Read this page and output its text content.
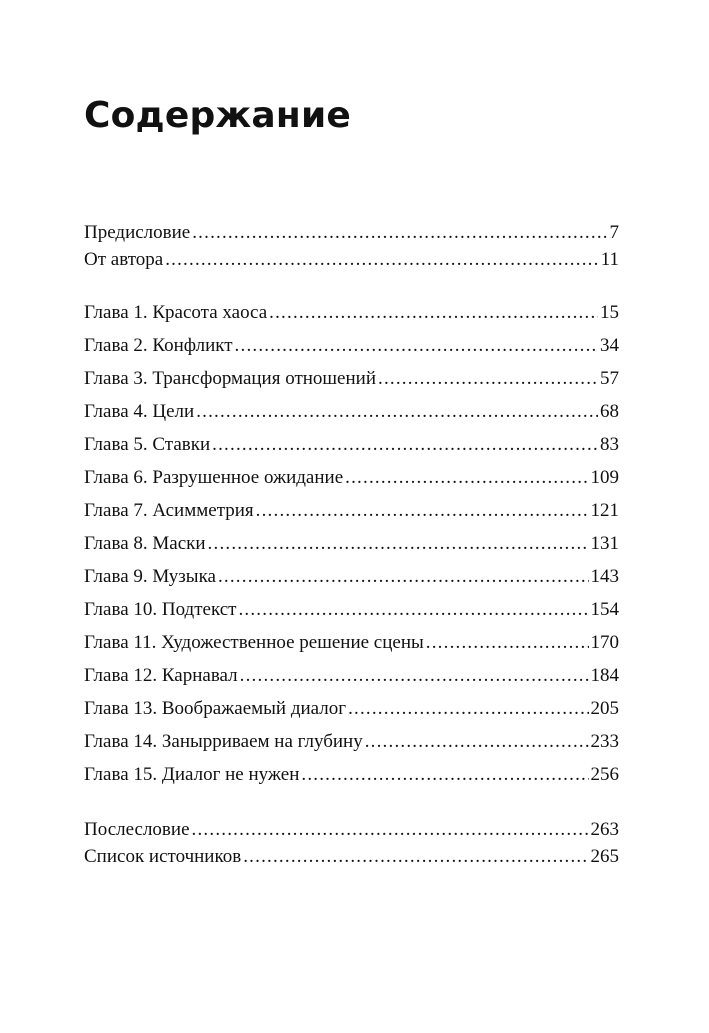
Содержание
Предисловие .....	7
От автора .....	11
Глава 1. Красота хаоса .....	15
Глава 2. Конфликт .....	34
Глава 3. Трансформация отношений .....	57
Глава 4. Цели .....	68
Глава 5. Ставки .....	83
Глава 6. Разрушенное ожидание .....	109
Глава 7. Асимметрия .....	121
Глава 8. Маски .....	131
Глава 9. Музыка .....	143
Глава 10. Подтекст .....	154
Глава 11. Художественное решение сцены .....	170
Глава 12. Карнавал .....	184
Глава 13. Воображаемый диалог .....	205
Глава 14. Занырриваем на глубину .....	233
Глава 15. Диалог не нужен .....	256
Послесловие .....	263
Список источников .....	265
